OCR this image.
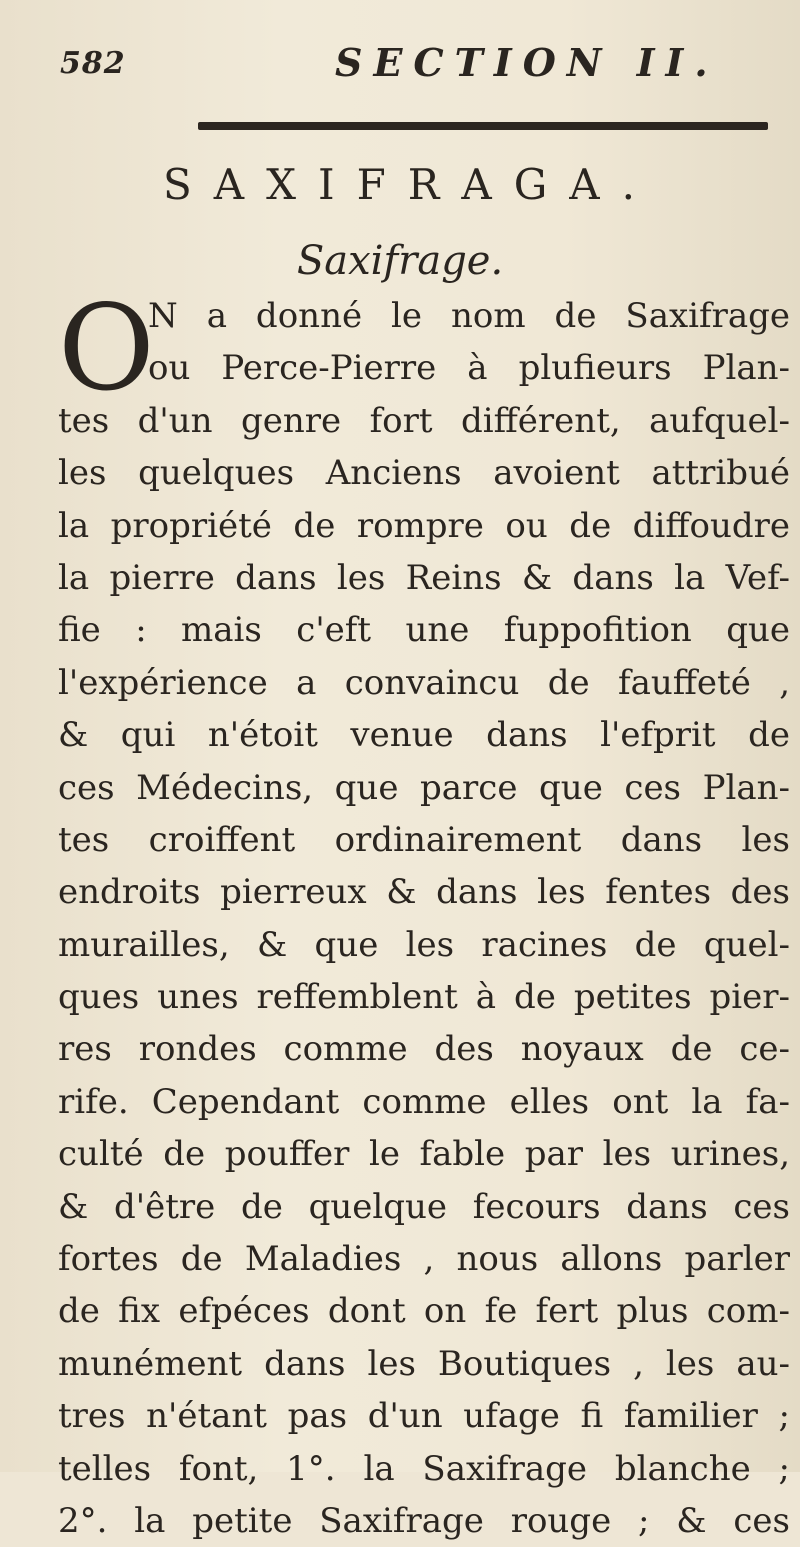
582	SECTION II.
SAXIFRAGA.
Saxifrage.
O
N a donné le nom de Saxifrage
ou Perce-Pierre à plufieurs Plan-
tes d'un genre fort différent, aufquel-
les quelques Anciens avoient attribué
la propriété de rompre ou de diffoudre
la pierre dans les Reins & dans la Vef-
fie : mais c'eft une fuppofition que
l'expérience a convaincu de fauffeté ,
& qui n'étoit venue dans l'efprit de
ces Médecins, que parce que ces Plan-
tes croiffent ordinairement dans les
endroits pierreux & dans les fentes des
murailles, & que les racines de quel-
ques unes reffemblent à de petites pier-
res rondes comme des noyaux de ce-
rife. Cependant comme elles ont la fa-
culté de pouffer le fable par les urines,
& d'être de quelque fecours dans ces
fortes de Maladies , nous allons parler
de fix efpéces dont on fe fert plus com-
munément dans les Boutiques , les au-
tres n'étant pas d'un ufage fi familier ;
telles font, 1°. la Saxifrage blanche ;
2°. la petite Saxifrage rouge ; & ces
